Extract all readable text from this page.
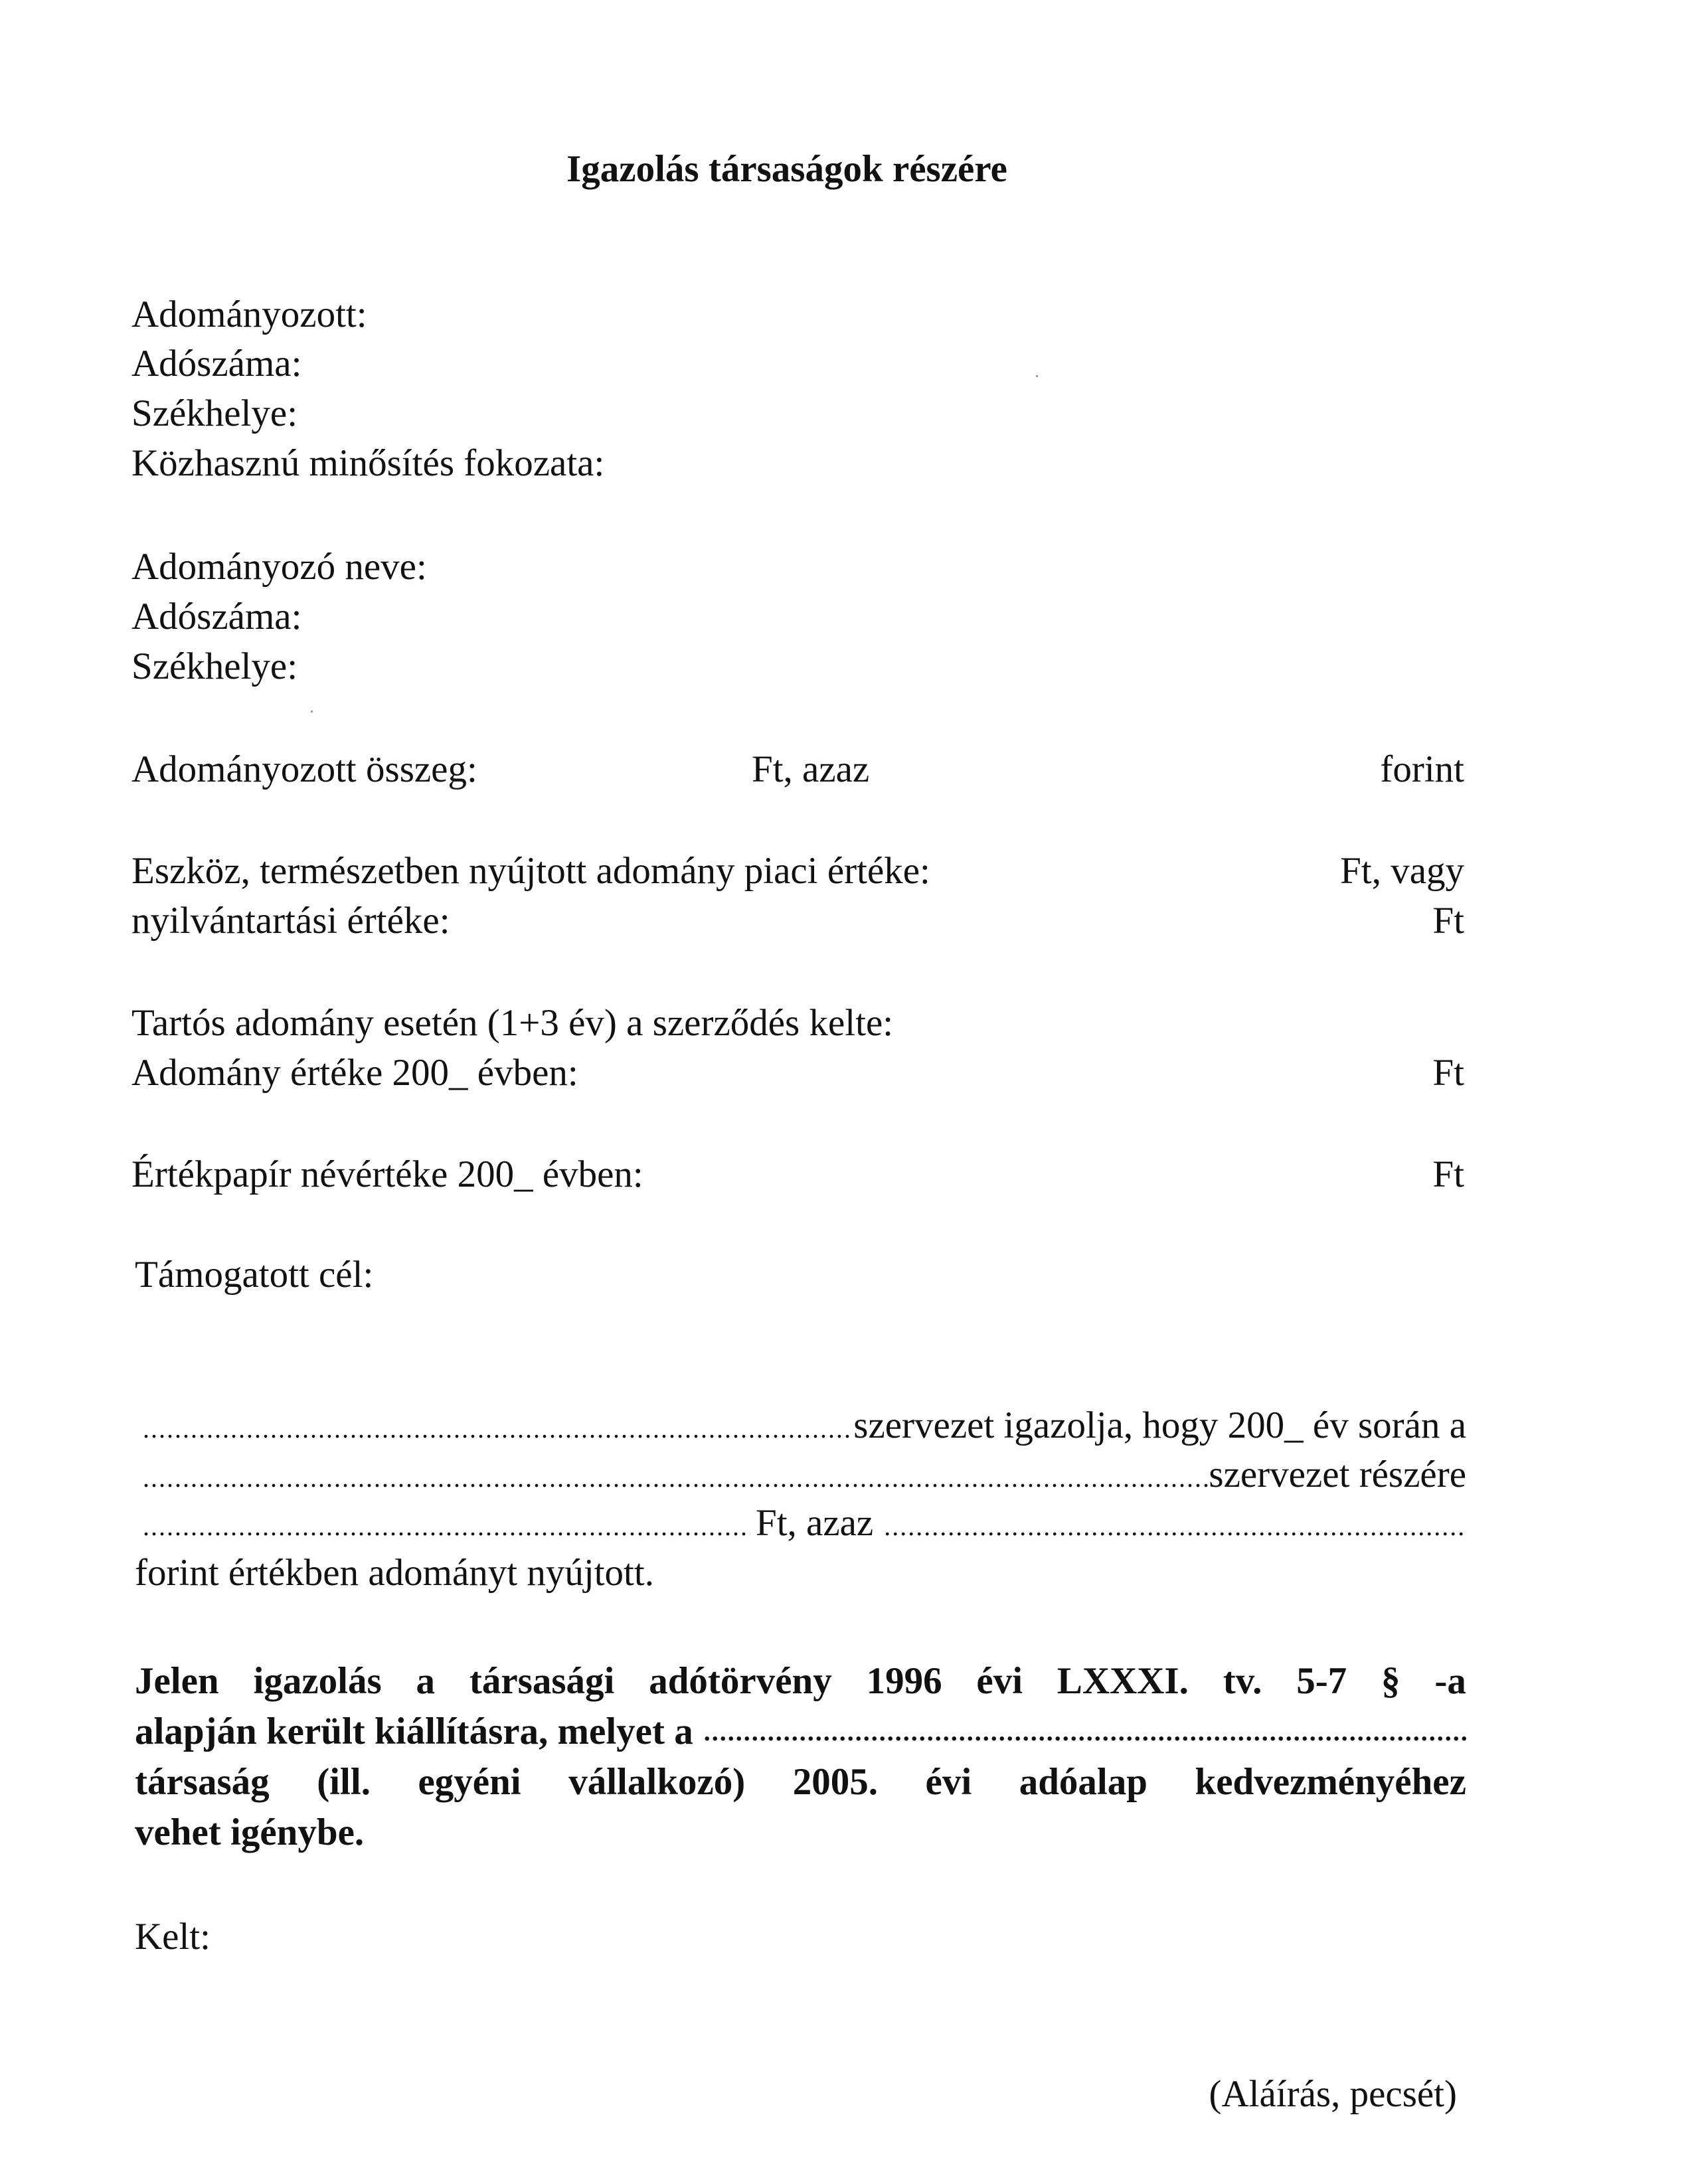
Igazolás társaságok részére
Adományozott:
Adószáma:
Székhelye:
Közhasznú minősítés fokozata:
Adományozó neve:
Adószáma:
Székhelye:
Adományozott összeg:	Ft, azaz	forint
Eszköz, természetben nyújtott adomány piaci értéke:	Ft, vagy
nyilvántartási értéke:	Ft
Tartós adomány esetén (1+3 év) a szerződés kelte:
Adomány értéke 200_ évben:	Ft
Értékpapír névértéke 200_ évben:	Ft
Támogatott cél:
.....
szervezet igazolja, hogy 200_ év során a
.....
szervezet részére
.....
Ft, azaz
.....
forint értékben adományt nyújtott.
Jelen igazolás a társasági adótörvény 1996 évi LXXXI. tv. 5-7 § -a
alapján került kiállításra, melyet a
.....
társaság (ill. egyéni vállalkozó) 2005. évi adóalap kedvezményéhez
vehet igénybe.
Kelt:
(Aláírás, pecsét)
